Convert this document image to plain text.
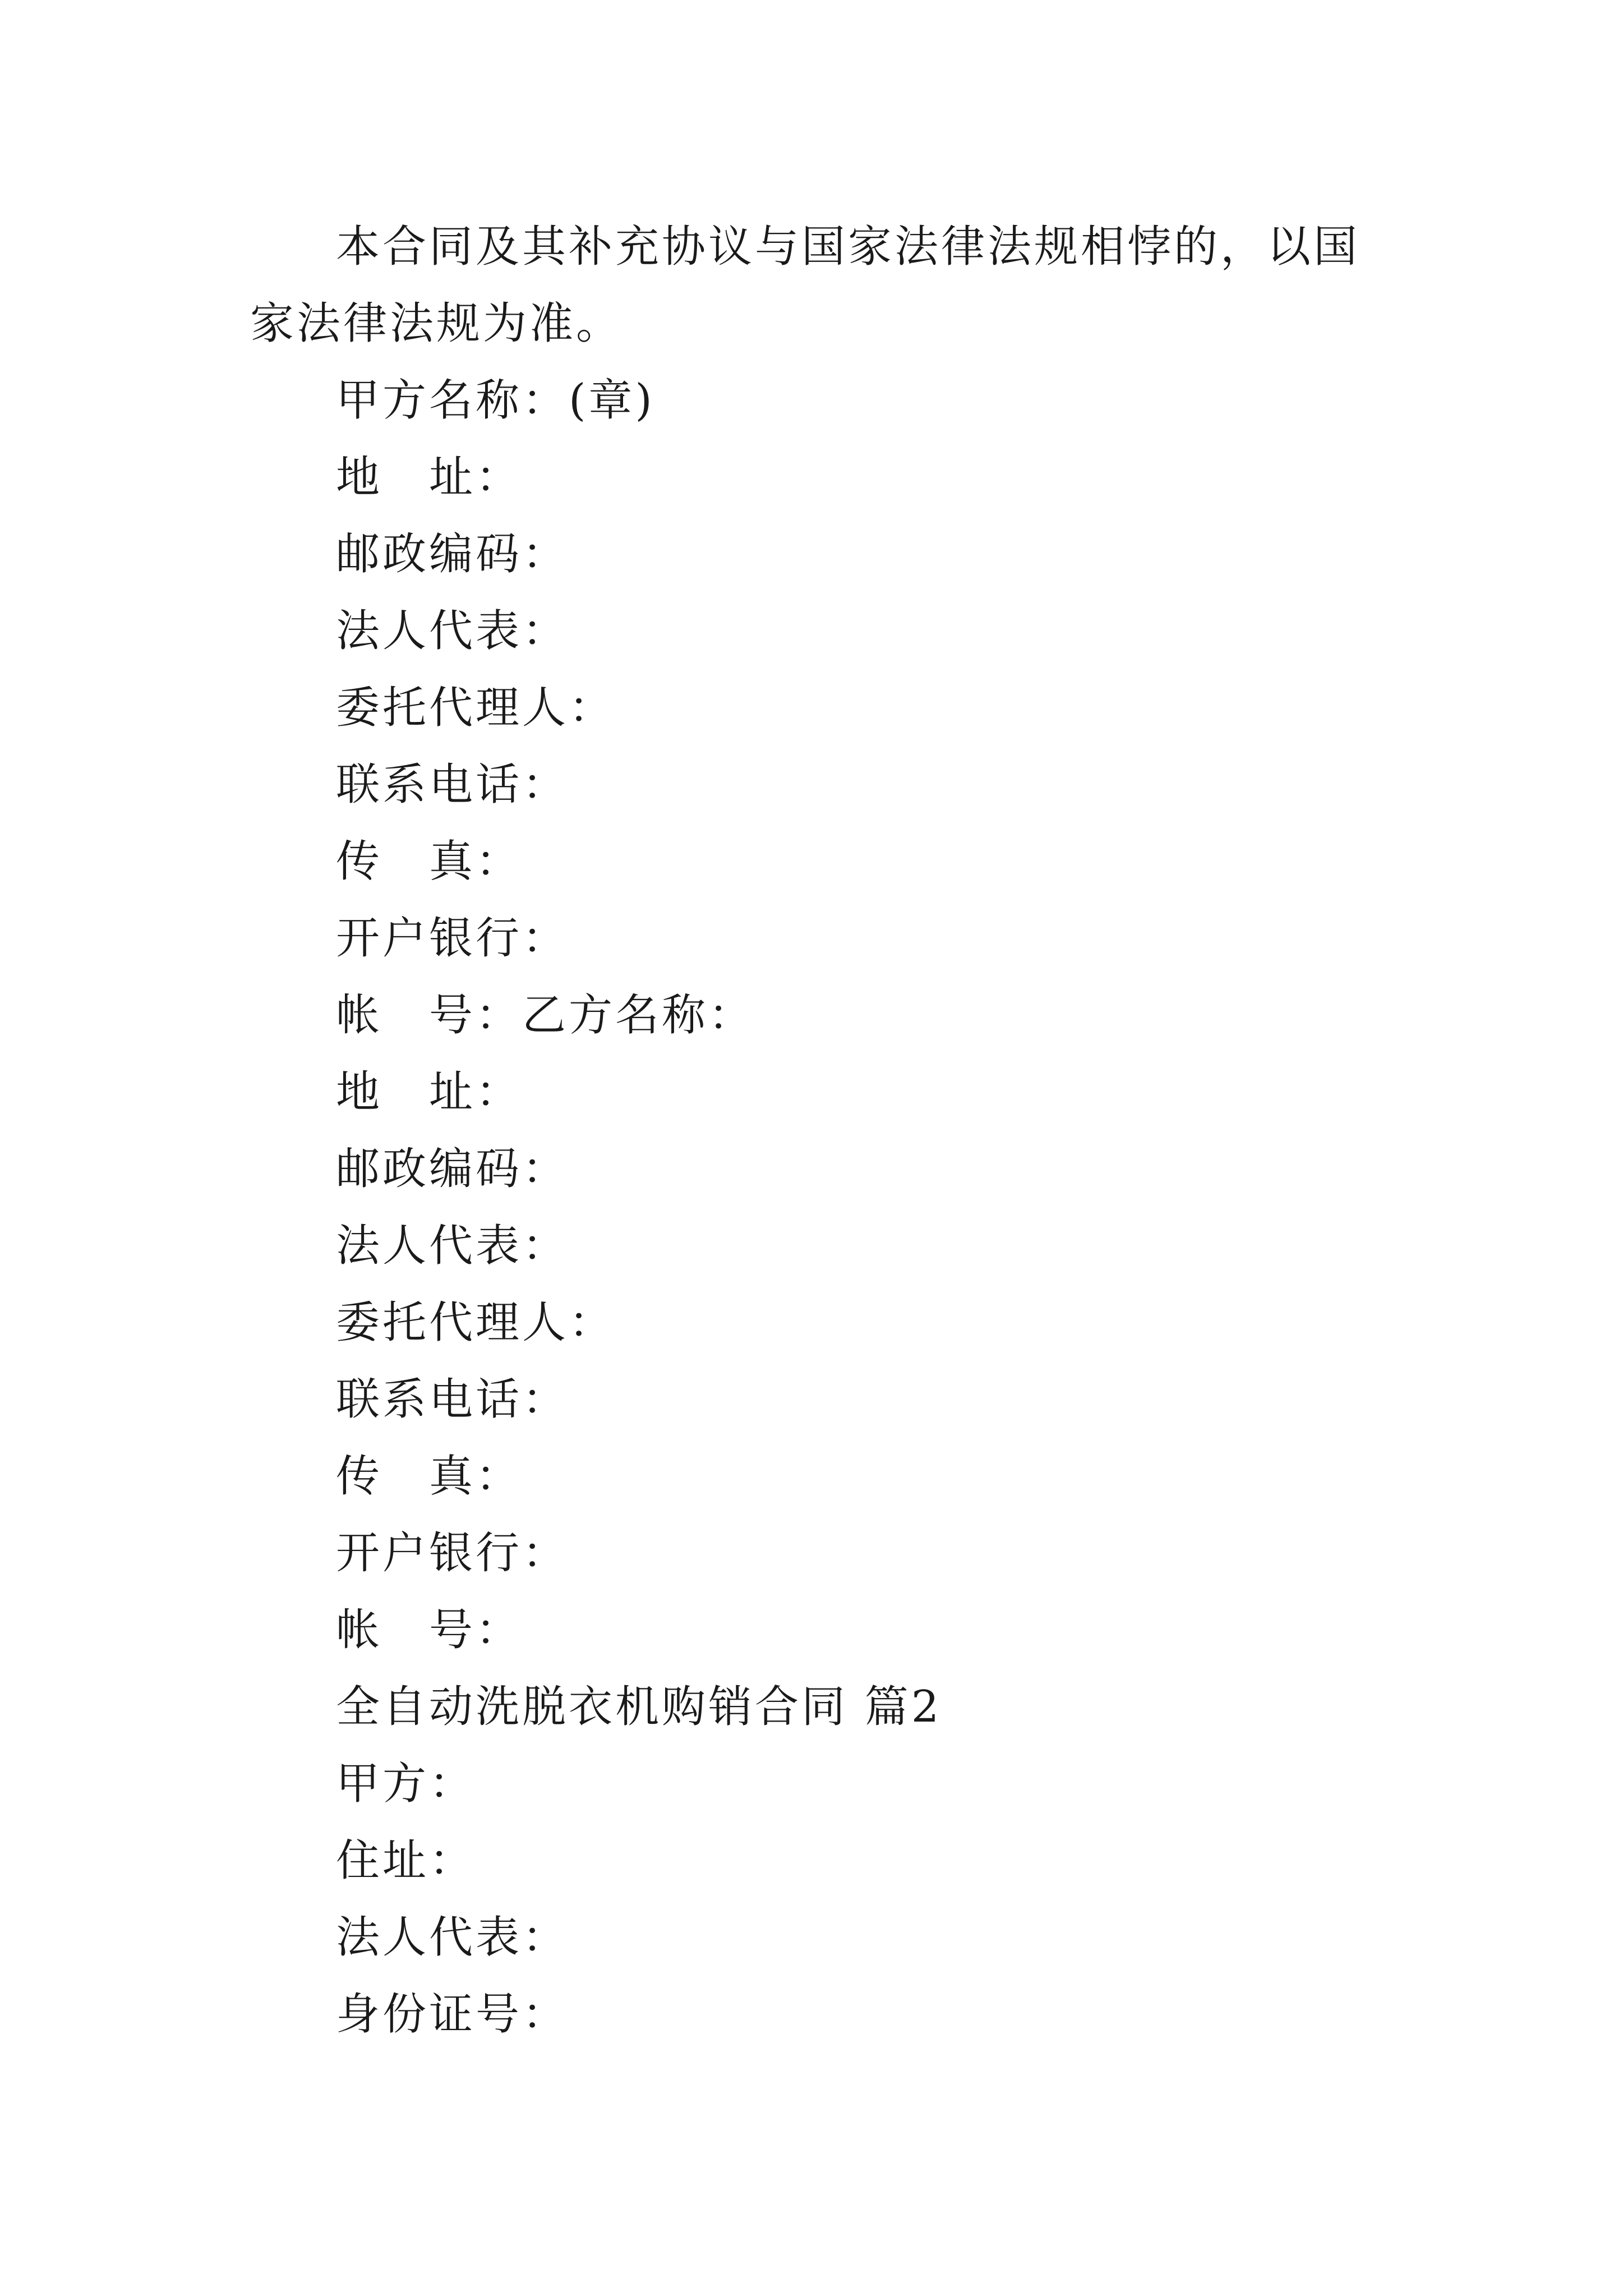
本合同及其补充协议与国家法律法规相悖的，以国家法律法规为准。

甲方名称：(章)

地　址：

邮政编码：

法人代表：

委托代理人：

联系电话：

传　真：

开户银行：

帐　号：乙方名称：

地　址：

邮政编码：

法人代表：

委托代理人：

联系电话：

传　真：

开户银行：

帐　号：

全自动洗脱衣机购销合同 篇2

甲方：

住址：

法人代表：

身份证号：
